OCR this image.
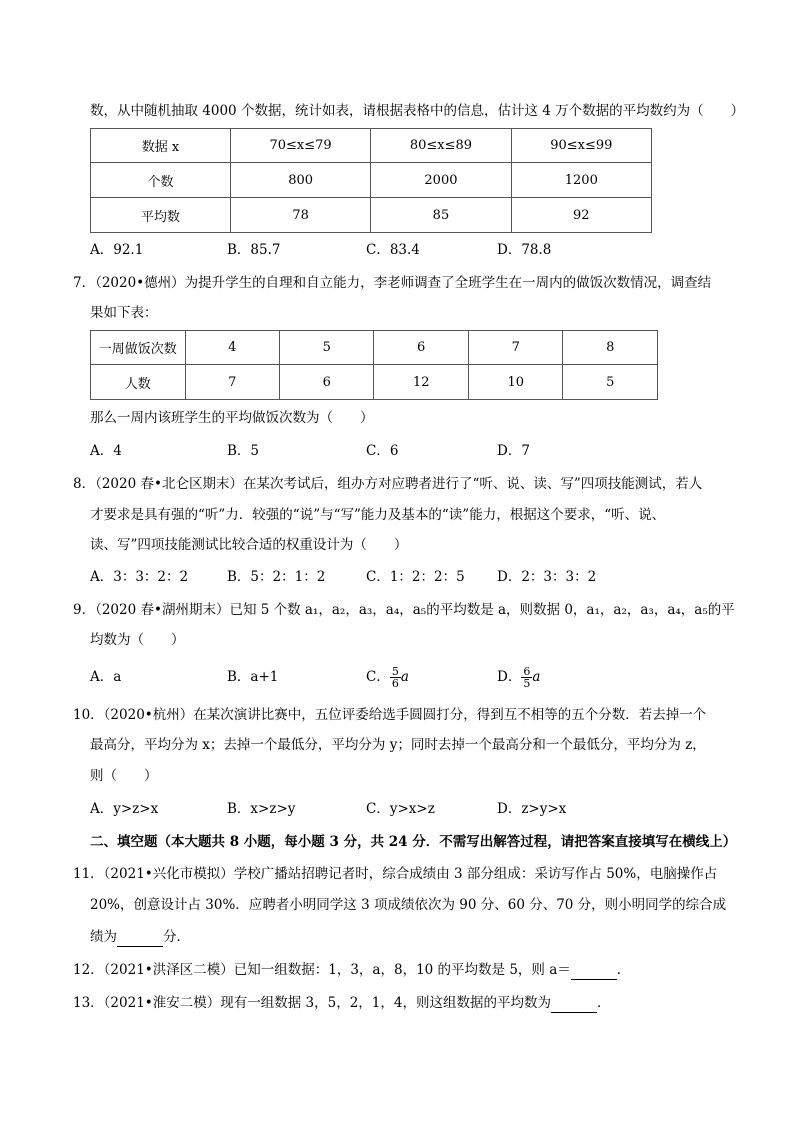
数，从中随机抽取 4000 个数据，统计如表，请根据表格中的信息，估计这 4 万个数据的平均数约为（　　）
数据 x	70≤x≤79	80≤x≤89	90≤x≤99
个数	800	2000	1200
平均数	78	85	92
A．92.1	B．85.7	C．83.4	D．78.8
7．（2020•德州）为提升学生的自理和自立能力，李老师调查了全班学生在一周内的做饭次数情况，调查结
果如下表：
一周做饭次数	4	5	6	7	8
人数	7	6	12	10	5
那么一周内该班学生的平均做饭次数为（　　）
A．4	B．5	C．6	D．7
8．（2020 春•北仑区期末）在某次考试后，组办方对应聘者进行了“听、说、读、写”四项技能测试，若人
才要求是具有强的“听”力．较强的“说”与“写”能力及基本的“读”能力，根据这个要求，“听、说、
读、写”四项技能测试比较合适的权重设计为（　　）
A．3：3：2：2	B．5：2：1：2	C．1：2：2：5 D．2：3：3：2
9．（2020 春•湖州期末）已知 5 个数 a₁，a₂，a₃，a₄，a₅的平均数是 a，则数据 0，a₁，a₂，a₃，a₄，a₅的平
均数为（　　）
A．a	B．a+1	C． $\frac{5}{6}$ a	D． $\frac{6}{5}$ a
10．（2020•杭州）在某次演讲比赛中，五位评委给选手圆圆打分，得到互不相等的五个分数．若去掉一个
最高分，平均分为 x；去掉一个最低分，平均分为 y；同时去掉一个最高分和一个最低分，平均分为 z，
则（　　）
A．y>z>x	B．x>z>y	C．y>x>z	D．z>y>x
二、填空题（本大题共 8 小题，每小题 3 分，共 24 分．不需写出解答过程，请把答案直接填写在横线上）
11．（2021•兴化市模拟）学校广播站招聘记者时，综合成绩由 3 部分组成：采访写作占 50%，电脑操作占
20%，创意设计占 30%．应聘者小明同学这 3 项成绩依次为 90 分、60 分、70 分，则小明同学的综合成
绩为	分．
12．（2021•洪泽区二模）已知一组数据：1，3，a，8，10 的平均数是 5，则 a＝	．
13．（2021•淮安二模）现有一组数据 3，5，2，1，4，则这组数据的平均数为	．
